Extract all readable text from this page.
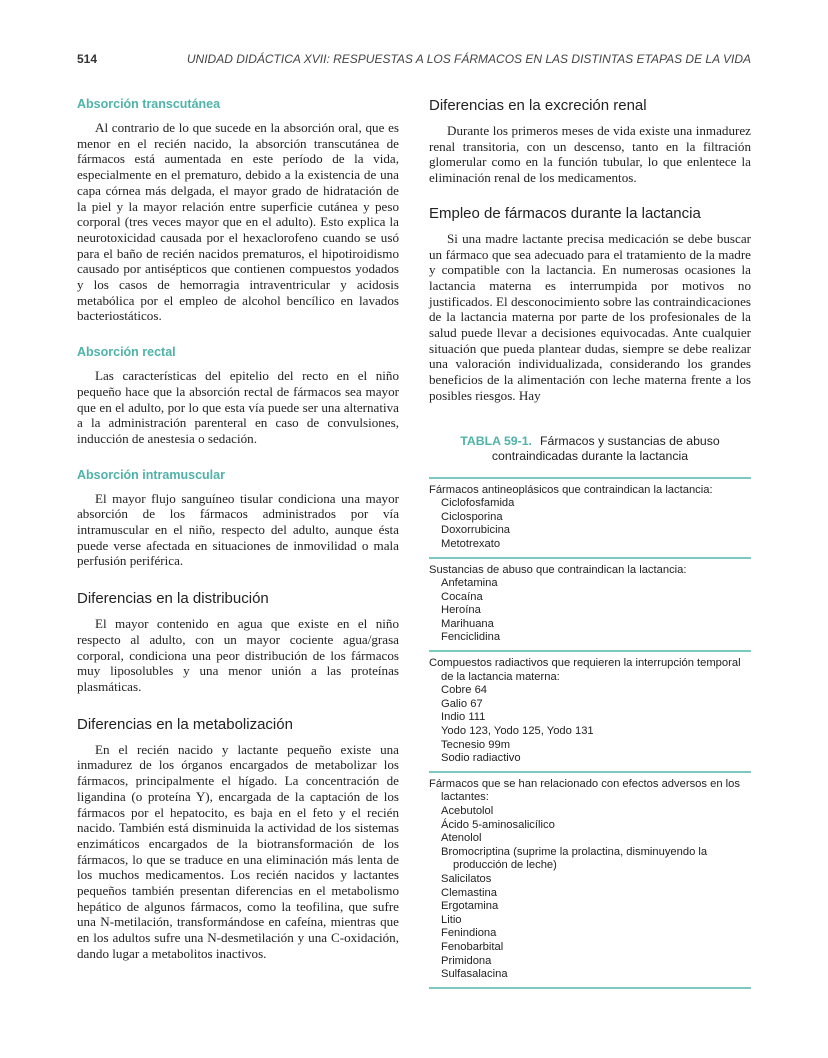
514	UNIDAD DIDÁCTICA XVII: RESPUESTAS A LOS FÁRMACOS EN LAS DISTINTAS ETAPAS DE LA VIDA
Absorción transcutánea

Al contrario de lo que sucede en la absorción oral, que es menor en el recién nacido, la absorción transcutánea de fármacos está aumentada en este período de la vida, especialmente en el prematuro, debido a la existencia de una capa córnea más delgada, el mayor grado de hidratación de la piel y la mayor relación entre superficie cutánea y peso corporal (tres veces mayor que en el adulto). Esto explica la neurotoxicidad causada por el hexaclorofeno cuando se usó para el baño de recién nacidos prematuros, el hipotiroidismo causado por antisépticos que contienen compuestos yodados y los casos de hemorragia intraventricular y acidosis metabólica por el empleo de alcohol bencílico en lavados bacteriostáticos.

Absorción rectal

Las características del epitelio del recto en el niño pequeño hace que la absorción rectal de fármacos sea mayor que en el adulto, por lo que esta vía puede ser una alternativa a la administración parenteral en caso de convulsiones, inducción de anestesia o sedación.

Absorción intramuscular

El mayor flujo sanguíneo tisular condiciona una mayor absorción de los fármacos administrados por vía intramuscular en el niño, respecto del adulto, aunque ésta puede verse afectada en situaciones de inmovilidad o mala perfusión periférica.

Diferencias en la distribución

El mayor contenido en agua que existe en el niño respecto al adulto, con un mayor cociente agua/grasa corporal, condiciona una peor distribución de los fármacos muy liposolubles y una menor unión a las proteínas plasmáticas.

Diferencias en la metabolización

En el recién nacido y lactante pequeño existe una inmadurez de los órganos encargados de metabolizar los fármacos, principalmente el hígado. La concentración de ligandina (o proteína Y), encargada de la captación de los fármacos por el hepatocito, es baja en el feto y el recién nacido. También está disminuida la actividad de los sistemas enzimáticos encargados de la biotransformación de los fármacos, lo que se traduce en una eliminación más lenta de los muchos medicamentos. Los recién nacidos y lactantes pequeños también presentan diferencias en el metabolismo hepático de algunos fármacos, como la teofilina, que sufre una N-metilación, transformándose en cafeína, mientras que en los adultos sufre una N-desmetilación y una C-oxidación, dando lugar a metabolitos inactivos.

Diferencias en la excreción renal

Durante los primeros meses de vida existe una inmadurez renal transitoria, con un descenso, tanto en la filtración glomerular como en la función tubular, lo que enlentece la eliminación renal de los medicamentos.

Empleo de fármacos durante la lactancia

Si una madre lactante precisa medicación se debe buscar un fármaco que sea adecuado para el tratamiento de la madre y compatible con la lactancia. En numerosas ocasiones la lactancia materna es interrumpida por motivos no justificados. El desconocimiento sobre las contraindicaciones de la lactancia materna por parte de los profesionales de la salud puede llevar a decisiones equivocadas. Ante cualquier situación que pueda plantear dudas, siempre se debe realizar una valoración individualizada, considerando los grandes beneficios de la alimentación con leche materna frente a los posibles riesgos. Hay

TABLA 59-1. Fármacos y sustancias de abuso contraindicadas durante la lactancia
Fármacos antineoplásicos que contraindican la lactancia:
Ciclofosfamida
Ciclosporina
Doxorrubicina
Metotrexato
Sustancias de abuso que contraindican la lactancia:
Anfetamina
Cocaína
Heroína
Marihuana
Fenciclidina
Compuestos radiactivos que requieren la interrupción temporal de la lactancia materna:
Cobre 64
Galio 67
Indio 111
Yodo 123, Yodo 125, Yodo 131
Tecnesio 99m
Sodio radiactivo
Fármacos que se han relacionado con efectos adversos en los lactantes:
Acebutolol
Ácido 5-aminosalicílico
Atenolol
Bromocriptina (suprime la prolactina, disminuyendo la producción de leche)
Salicilatos
Clemastina
Ergotamina
Litio
Fenindiona
Fenobarbital
Primidona
Sulfasalacina
